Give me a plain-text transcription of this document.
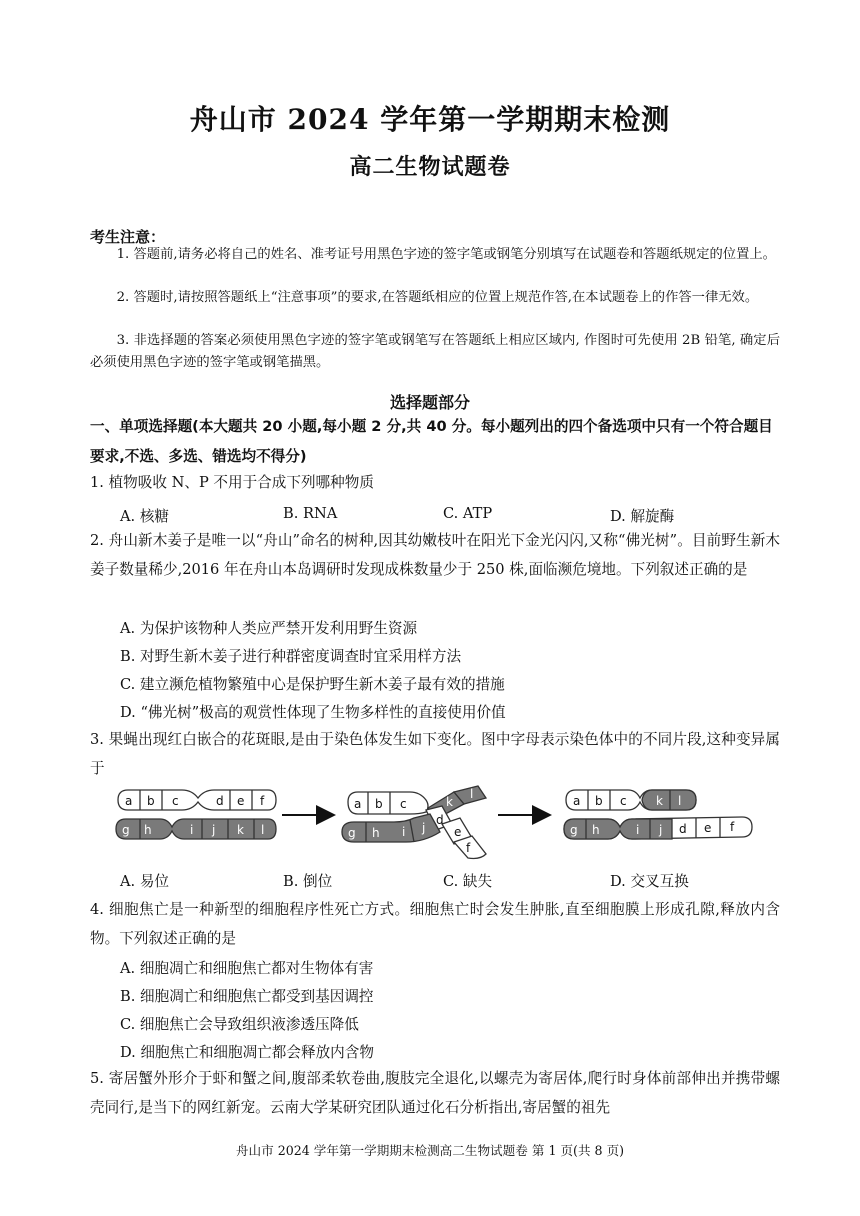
舟山市 2024 学年第一学期期末检测
高二生物试题卷
考生注意：
1. 答题前,请务必将自己的姓名、准考证号用黑色字迹的签字笔或钢笔分别填写在试题卷和答题纸规定的位置上。
2. 答题时,请按照答题纸上“注意事项”的要求,在答题纸相应的位置上规范作答,在本试题卷上的作答一律无效。
3. 非选择题的答案必须使用黑色字迹的签字笔或钢笔写在答题纸上相应区域内, 作图时可先使用 2B 铅笔, 确定后必须使用黑色字迹的签字笔或钢笔描黑。
选择题部分
一、单项选择题(本大题共 20 小题,每小题 2 分,共 40 分。每小题列出的四个备选项中只有一个符合题目要求,不选、多选、错选均不得分)
1. 植物吸收 N、P 不用于合成下列哪种物质
A. 核糖	B. RNA	C. ATP	D. 解旋酶
2. 舟山新木姜子是唯一以“舟山”命名的树种,因其幼嫩枝叶在阳光下金光闪闪,又称“佛光树”。目前野生新木姜子数量稀少,2016 年在舟山本岛调研时发现成株数量少于 250 株,面临濒危境地。下列叙述正确的是
A. 为保护该物种人类应严禁开发利用野生资源
B. 对野生新木姜子进行种群密度调查时宜采用样方法
C. 建立濒危植物繁殖中心是保护野生新木姜子最有效的措施
D. “佛光树”极高的观赏性体现了生物多样性的直接使用价值
3. 果蝇出现红白嵌合的花斑眼,是由于染色体发生如下变化。图中字母表示染色体中的不同片段,这种变异属于
a b c	d e f
g h	i j k l
a b c	k
l
d
e
f
g h i j
a b c k l
g h	i j d e f
A. 易位	B. 倒位	C. 缺失	D. 交叉互换
4. 细胞焦亡是一种新型的细胞程序性死亡方式。细胞焦亡时会发生肿胀,直至细胞膜上形成孔隙,释放内含物。下列叙述正确的是
A. 细胞凋亡和细胞焦亡都对生物体有害
B. 细胞凋亡和细胞焦亡都受到基因调控
C. 细胞焦亡会导致组织液渗透压降低
D. 细胞焦亡和细胞凋亡都会释放内含物
5. 寄居蟹外形介于虾和蟹之间,腹部柔软卷曲,腹肢完全退化,以螺壳为寄居体,爬行时身体前部伸出并携带螺壳同行,是当下的网红新宠。云南大学某研究团队通过化石分析指出,寄居蟹的祖先
舟山市 2024 学年第一学期期末检测高二生物试题卷 第 1 页(共 8 页)
